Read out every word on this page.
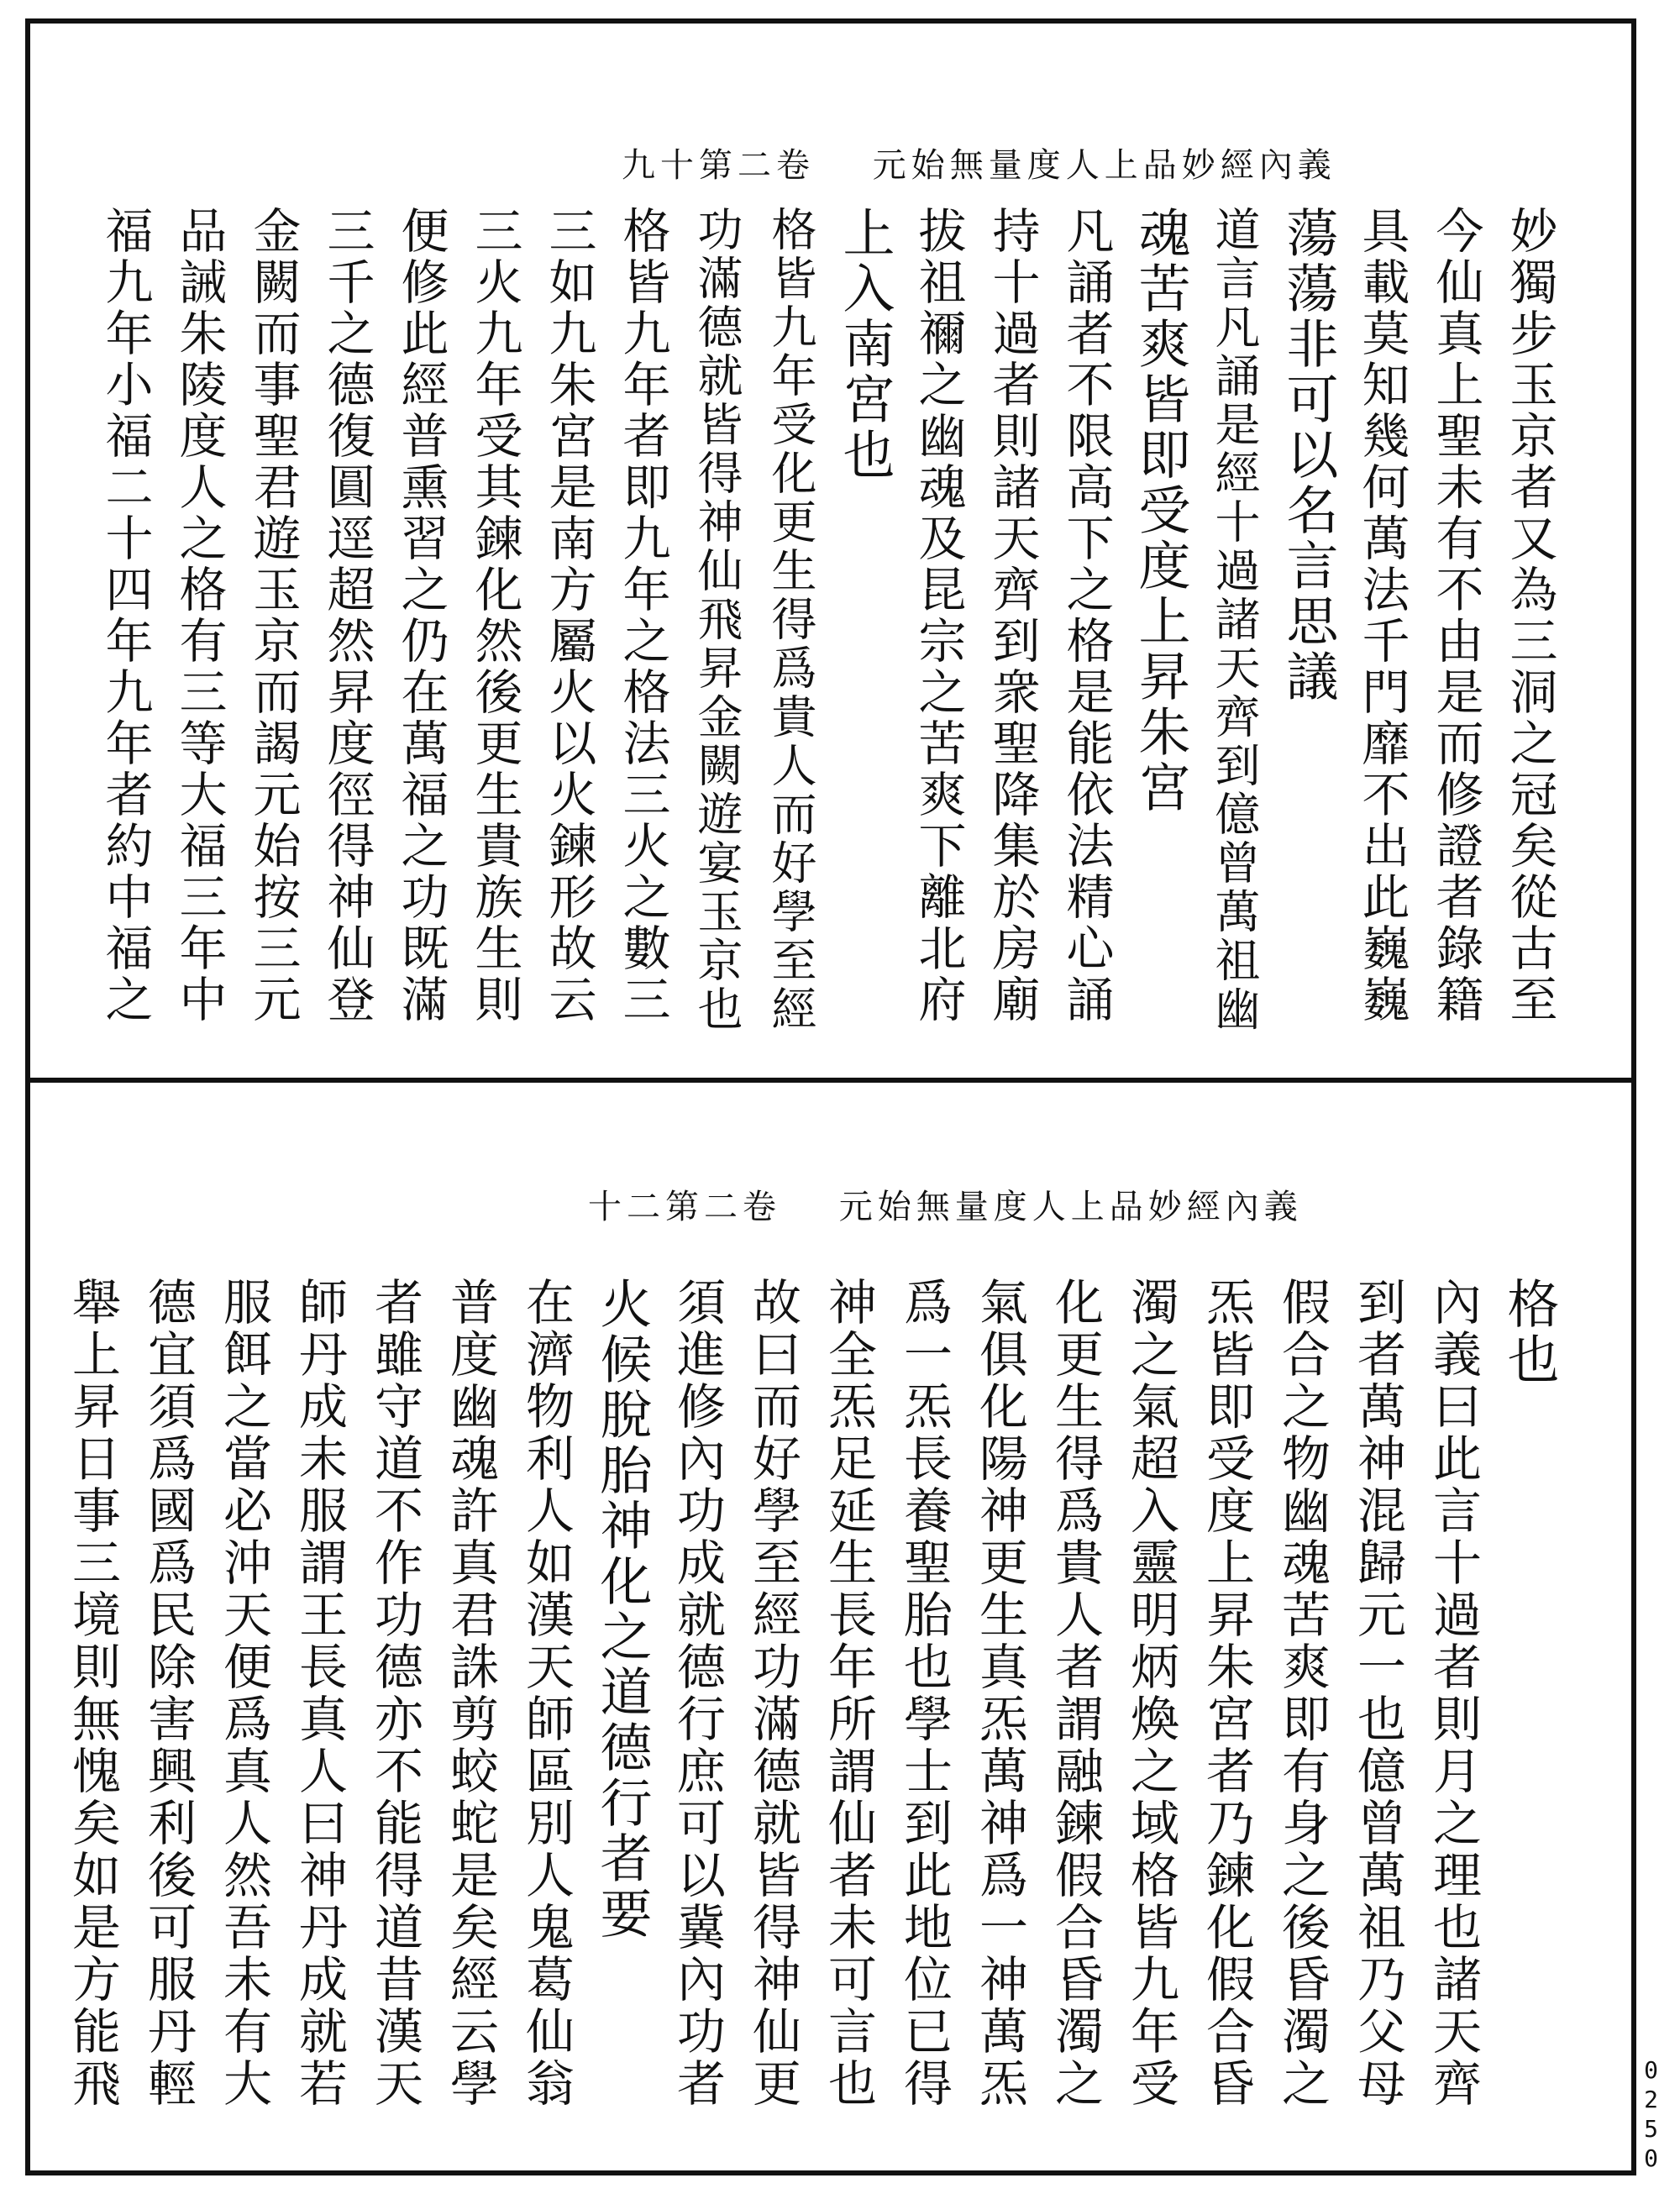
九十第二卷 元始無量度人上品妙經內義
妙獨步玉京者又為三洞之冠矣從古至
今仙真上聖未有不由是而修證者錄籍
具載莫知幾何萬法千門靡不出此巍巍
蕩蕩非可以名言思議
道言凡誦是經十過諸天齊到億曾萬祖幽
魂苦爽皆即受度上昇朱宮
凡誦者不限高下之格是能依法精心誦
持十過者則諸天齊到衆聖降集於房廟
拔祖禰之幽魂及昆宗之苦爽下離北府
上入南宮也
格皆九年受化更生得爲貴人而好學至經
功滿德就皆得神仙飛昇金闕遊宴玉京也
格皆九年者即九年之格法三火之數三
三如九朱宮是南方屬火以火鍊形故云
三火九年受其鍊化然後更生貴族生則
便修此經普熏習之仍在萬福之功既滿
三千之德復圓逕超然昇度徑得神仙登
金闕而事聖君遊玉京而謁元始按三元
品誡朱陵度人之格有三等大福三年中
福九年小福二十四年九年者約中福之
十二第二卷 元始無量度人上品妙經內義
格也
內義曰此言十過者則月之理也諸天齊
到者萬神混歸元一也億曾萬祖乃父母
假合之物幽魂苦爽即有身之後昏濁之
炁皆即受度上昇朱宮者乃鍊化假合昏
濁之氣超入靈明炳煥之域格皆九年受
化更生得爲貴人者謂融鍊假合昏濁之
氣俱化陽神更生真炁萬神爲一神萬炁
爲一炁長養聖胎也學士到此地位已得
神全炁足延生長年所謂仙者未可言也
故曰而好學至經功滿德就皆得神仙更
須進修內功成就德行庶可以冀內功者
火候脫胎神化之道德行者要
在濟物利人如漢天師區別人鬼葛仙翁
普度幽魂許真君誅剪蛟蛇是矣經云學
者雖守道不作功德亦不能得道昔漢天
師丹成未服謂王長真人曰神丹成就若
服餌之當必沖天便爲真人然吾未有大
德宜須爲國爲民除害興利後可服丹輕
舉上昇日事三境則無愧矣如是方能飛
0250
